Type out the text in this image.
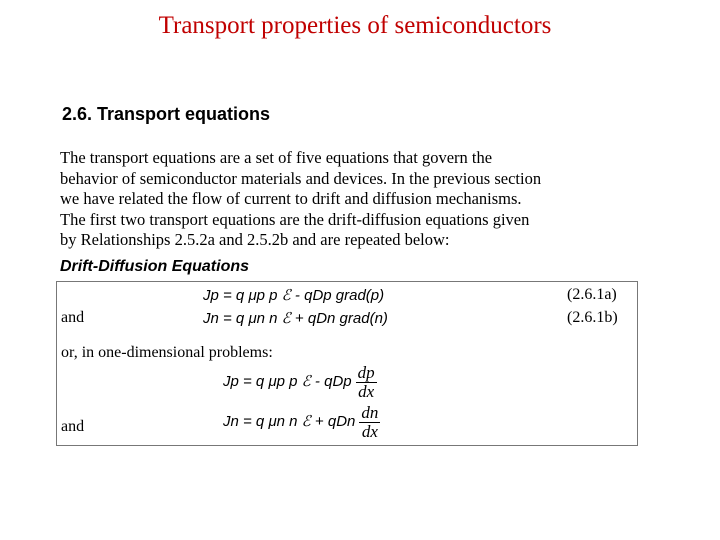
Transport properties of semiconductors
2.6. Transport equations
The transport equations are a set of five equations that govern the
behavior of semiconductor materials and devices. In the previous section
we have related the flow of current to drift and diffusion mechanisms.
The first two transport equations are the drift-diffusion equations given
by Relationships 2.5.2a and 2.5.2b and are repeated below:
Drift-Diffusion Equations
Jp = q μp p ℰ - qDp grad(p)	(2.6.1a)
and	Jn = q μn n ℰ + qDn grad(n)	(2.6.1b)
or, in one-dimensional problems:
Jp = q μp p ℰ - qDp $\frac{dp}{dx}$
and	Jn = q μn n ℰ + qDn $\frac{dn}{dx}$
